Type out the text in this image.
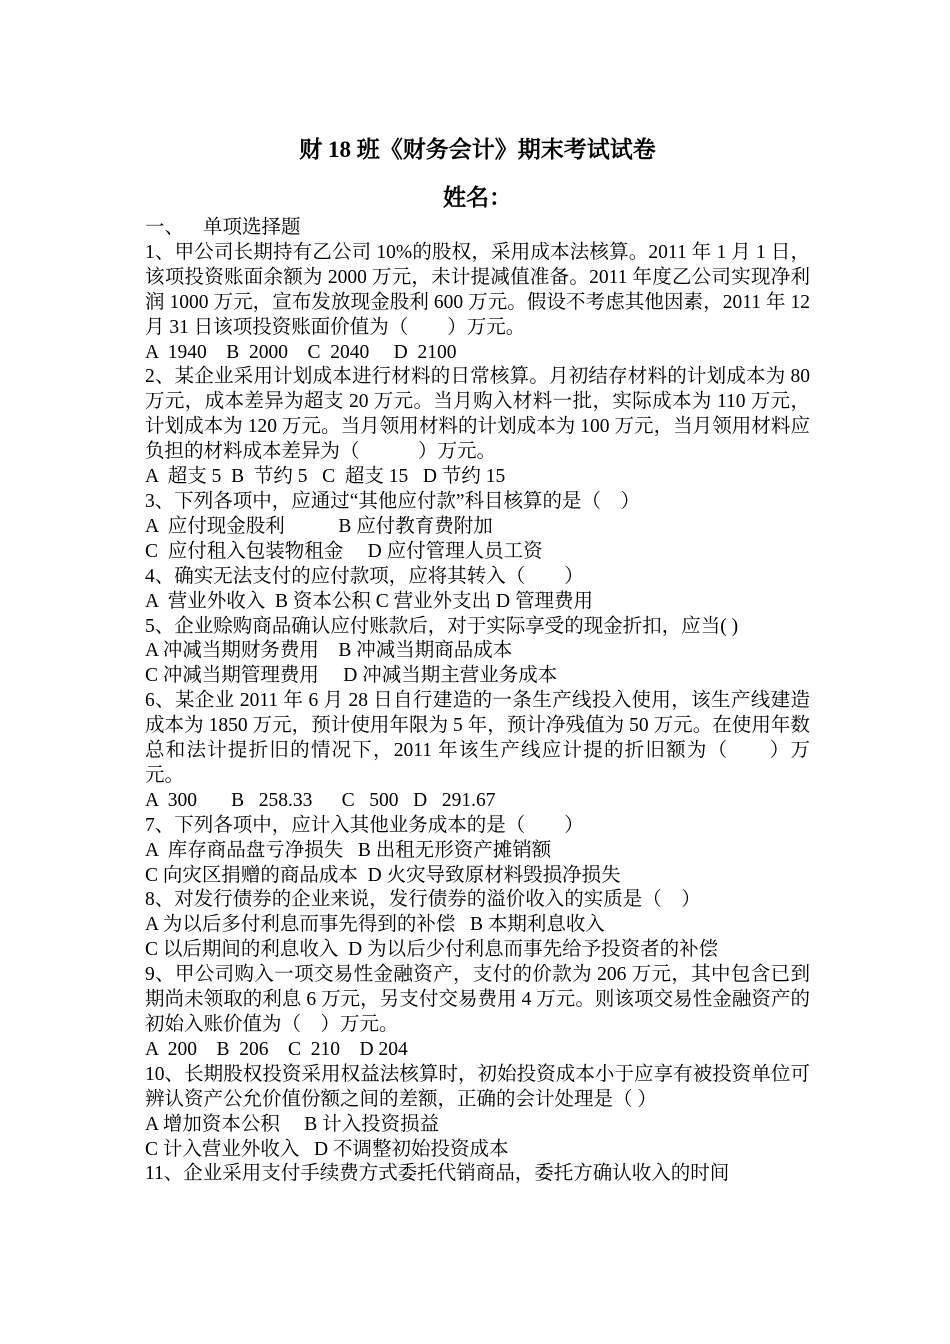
财 18 班《财务会计》期末考试试卷
姓名：

一、 单项选择题

1、甲公司长期持有乙公司 10%的股权，采用成本法核算。2011 年 1 月 1 日，该项投资账面余额为 2000 万元，未计提减值准备。2011 年度乙公司实现净利润 1000 万元，宣布发放现金股利 600 万元。假设不考虑其他因素，2011 年 12 月 31 日该项投资账面价值为（　　）万元。

A  1940    B  2000    C  2040     D  2100

2、某企业采用计划成本进行材料的日常核算。月初结存材料的计划成本为 80 万元，成本差异为超支 20 万元。当月购入材料一批，实际成本为 110 万元，计划成本为 120 万元。当月领用材料的计划成本为 100 万元，当月领用材料应负担的材料成本差异为（　　　）万元。

A  超支 5  B  节约 5   C  超支 15   D 节约 15

3、下列各项中，应通过“其他应付款”科目核算的是（　）

A  应付现金股利           B 应付教育费附加

C  应付租入包装物租金     D 应付管理人员工资

4、确实无法支付的应付款项，应将其转入（　　）

A  营业外收入  B 资本公积 C 营业外支出 D 管理费用

5、企业赊购商品确认应付账款后，对于实际享受的现金折扣，应当( )

A 冲减当期财务费用    B 冲减当期商品成本

C 冲减当期管理费用     D 冲减当期主营业务成本

6、某企业 2011 年 6 月 28 日自行建造的一条生产线投入使用，该生产线建造成本为 1850 万元，预计使用年限为 5 年，预计净残值为 50 万元。在使用年数总和法计提折旧的情况下，2011 年该生产线应计提的折旧额为（　　）万元。

A  300       B   258.33      C   500   D   291.67

7、下列各项中，应计入其他业务成本的是（　　）

A  库存商品盘亏净损失   B 出租无形资产摊销额

C 向灾区捐赠的商品成本  D 火灾导致原材料毁损净损失

8、对发行债券的企业来说，发行债券的溢价收入的实质是（　）

A 为以后多付利息而事先得到的补偿   B 本期利息收入

C 以后期间的利息收入  D 为以后少付利息而事先给予投资者的补偿

9、甲公司购入一项交易性金融资产，支付的价款为 206 万元，其中包含已到期尚未领取的利息 6 万元，另支付交易费用 4 万元。则该项交易性金融资产的初始入账价值为（　）万元。

A  200    B  206    C  210    D 204

10、长期股权投资采用权益法核算时，初始投资成本小于应享有被投资单位可辨认资产公允价值份额之间的差额，正确的会计处理是（ ）

A 增加资本公积     B 计入投资损益

C 计入营业外收入   D 不调整初始投资成本

11、企业采用支付手续费方式委托代销商品，委托方确认收入的时间
